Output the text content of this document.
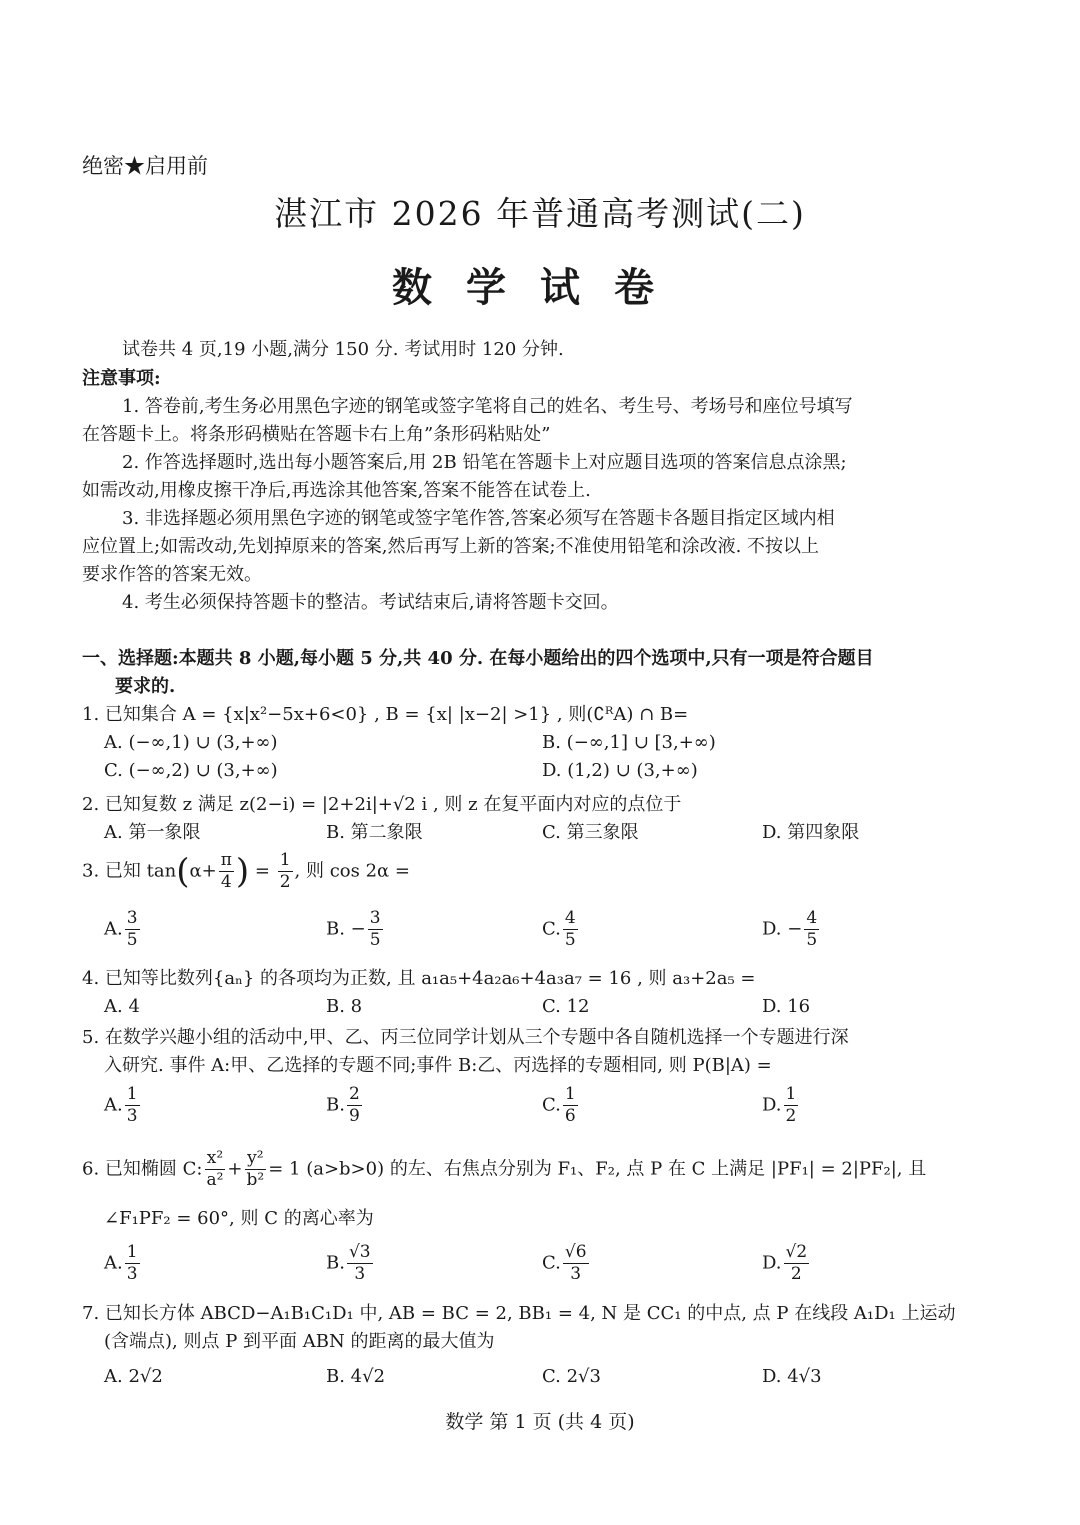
绝密★启用前
湛江市 2026 年普通高考测试(二)
数学试卷
试卷共 4 页,19 小题,满分 150 分. 考试用时 120 分钟.
注意事项:
1. 答卷前,考生务必用黑色字迹的钢笔或签字笔将自己的姓名、考生号、考场号和座位号填写
在答题卡上。将条形码横贴在答题卡右上角”条形码粘贴处”
2. 作答选择题时,选出每小题答案后,用 2B 铅笔在答题卡上对应题目选项的答案信息点涂黑;
如需改动,用橡皮擦干净后,再选涂其他答案,答案不能答在试卷上.
3. 非选择题必须用黑色字迹的钢笔或签字笔作答,答案必须写在答题卡各题目指定区域内相
应位置上;如需改动,先划掉原来的答案,然后再写上新的答案;不准使用铅笔和涂改液. 不按以上
要求作答的答案无效。
4. 考生必须保持答题卡的整洁。考试结束后,请将答题卡交回。
一、选择题:本题共 8 小题,每小题 5 分,共 40 分. 在每小题给出的四个选项中,只有一项是符合题目
要求的.
1. 已知集合 A = {x|x²−5x+6<0} , B = {x| |x−2| >1} , 则(∁ᴿA) ∩ B=
A. (−∞,1) ∪ (3,+∞)	B. (−∞,1] ∪ [3,+∞)
C. (−∞,2) ∪ (3,+∞)	D. (1,2) ∪ (3,+∞)
2. 已知复数 z 满足 z(2−i) = |2+2i|+√2 i , 则 z 在复平面内对应的点位于
A. 第一象限	B. 第二象限	C. 第三象限	D. 第四象限
3. 已知 $\tan(\alpha+ \frac{\pi}{4}$ ) = $\frac{1}{2}$ , 则 cos 2α =
A. $\frac{3}{5}$	B. − $\frac{3}{5}$	C. $\frac{4}{5}$	D. − $\frac{4}{5}$
4. 已知等比数列{aₙ} 的各项均为正数, 且 a₁a₅+4a₂a₆+4a₃a₇ = 16 , 则 a₃+2a₅ =
A. 4	B. 8	C. 12	D. 16
5. 在数学兴趣小组的活动中,甲、乙、丙三位同学计划从三个专题中各自随机选择一个专题进行深
入研究. 事件 A:甲、乙选择的专题不同;事件 B:乙、丙选择的专题相同, 则 P(B|A) =
A. $\frac{1}{3}$	B. $\frac{2}{9}$	C. $\frac{1}{6}$	D. $\frac{1}{2}$
6. 已知椭圆 C: $\frac{\text{x²}}{\text{a²}} + \frac{\text{y²}}{\text{b²}} = 1$ (a>b>0) 的左、右焦点分别为 F₁、F₂, 点 P 在 C 上满足 |PF₁| = 2|PF₂|, 且
∠F₁PF₂ = 60°, 则 C 的离心率为
A. $\frac{1}{3}$	B. $\frac{√3}{3}$	C. $\frac{√6}{3}$	D. $\frac{√2}{2}$
7. 已知长方体 ABCD−A₁B₁C₁D₁ 中, AB = BC = 2, BB₁ = 4, N 是 CC₁ 的中点, 点 P 在线段 A₁D₁ 上运动
(含端点), 则点 P 到平面 ABN 的距离的最大值为
A. 2√2	B. 4√2	C. 2√3	D. 4√3
数学 第 1 页 (共 4 页)
